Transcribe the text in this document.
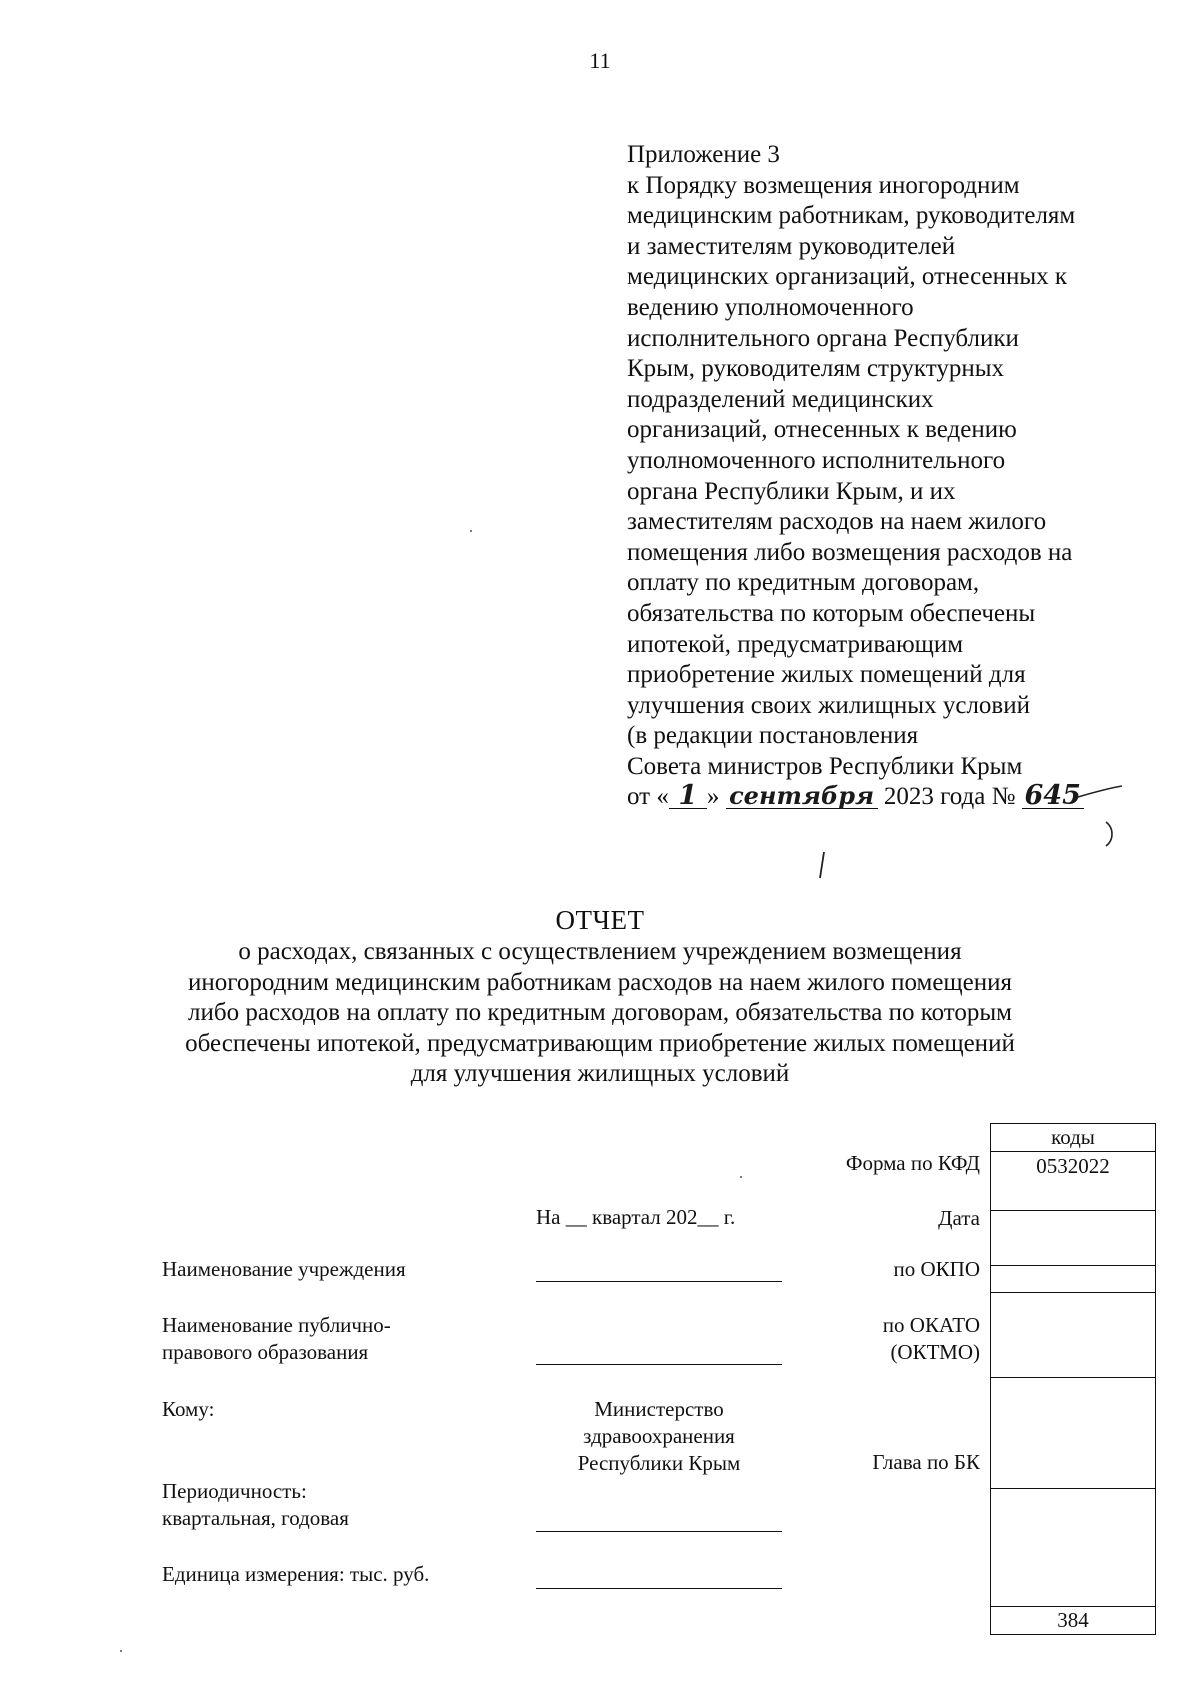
11
Приложение 3
к Порядку возмещения иногородним
медицинским работникам, руководителям
и заместителям руководителей
медицинских организаций, отнесенных к
ведению уполномоченного
исполнительного органа Республики
Крым, руководителям структурных
подразделений медицинских
организаций, отнесенных к ведению
уполномоченного исполнительного
органа Республики Крым, и их
заместителям расходов на наем жилого
помещения либо возмещения расходов на
оплату по кредитным договорам,
обязательства по которым обеспечены
ипотекой, предусматривающим
приобретение жилых помещений для
улучшения своих жилищных условий
(в редакции постановления
Совета министров Республики Крым
от « 1 » сентября 2023 года № 645
ОТЧЕТ
о расходах, связанных с осуществлением учреждением возмещения
иногородним медицинским работникам расходов на наем жилого помещения
либо расходов на оплату по кредитным договорам, обязательства по которым
обеспечены ипотекой, предусматривающим приобретение жилых помещений
для улучшения жилищных условий
Наименование учреждения
Наименование публично-
правового образования
Кому:
Периодичность:
квартальная, годовая
Единица измерения: тыс. руб.
На __ квартал 202__ г.
Министерство
здравоохранения
Республики Крым
Форма по КФД
Дата
по ОКПО
по ОКАТО
(ОКТМО)
Глава по БК
коды
0532022
384
